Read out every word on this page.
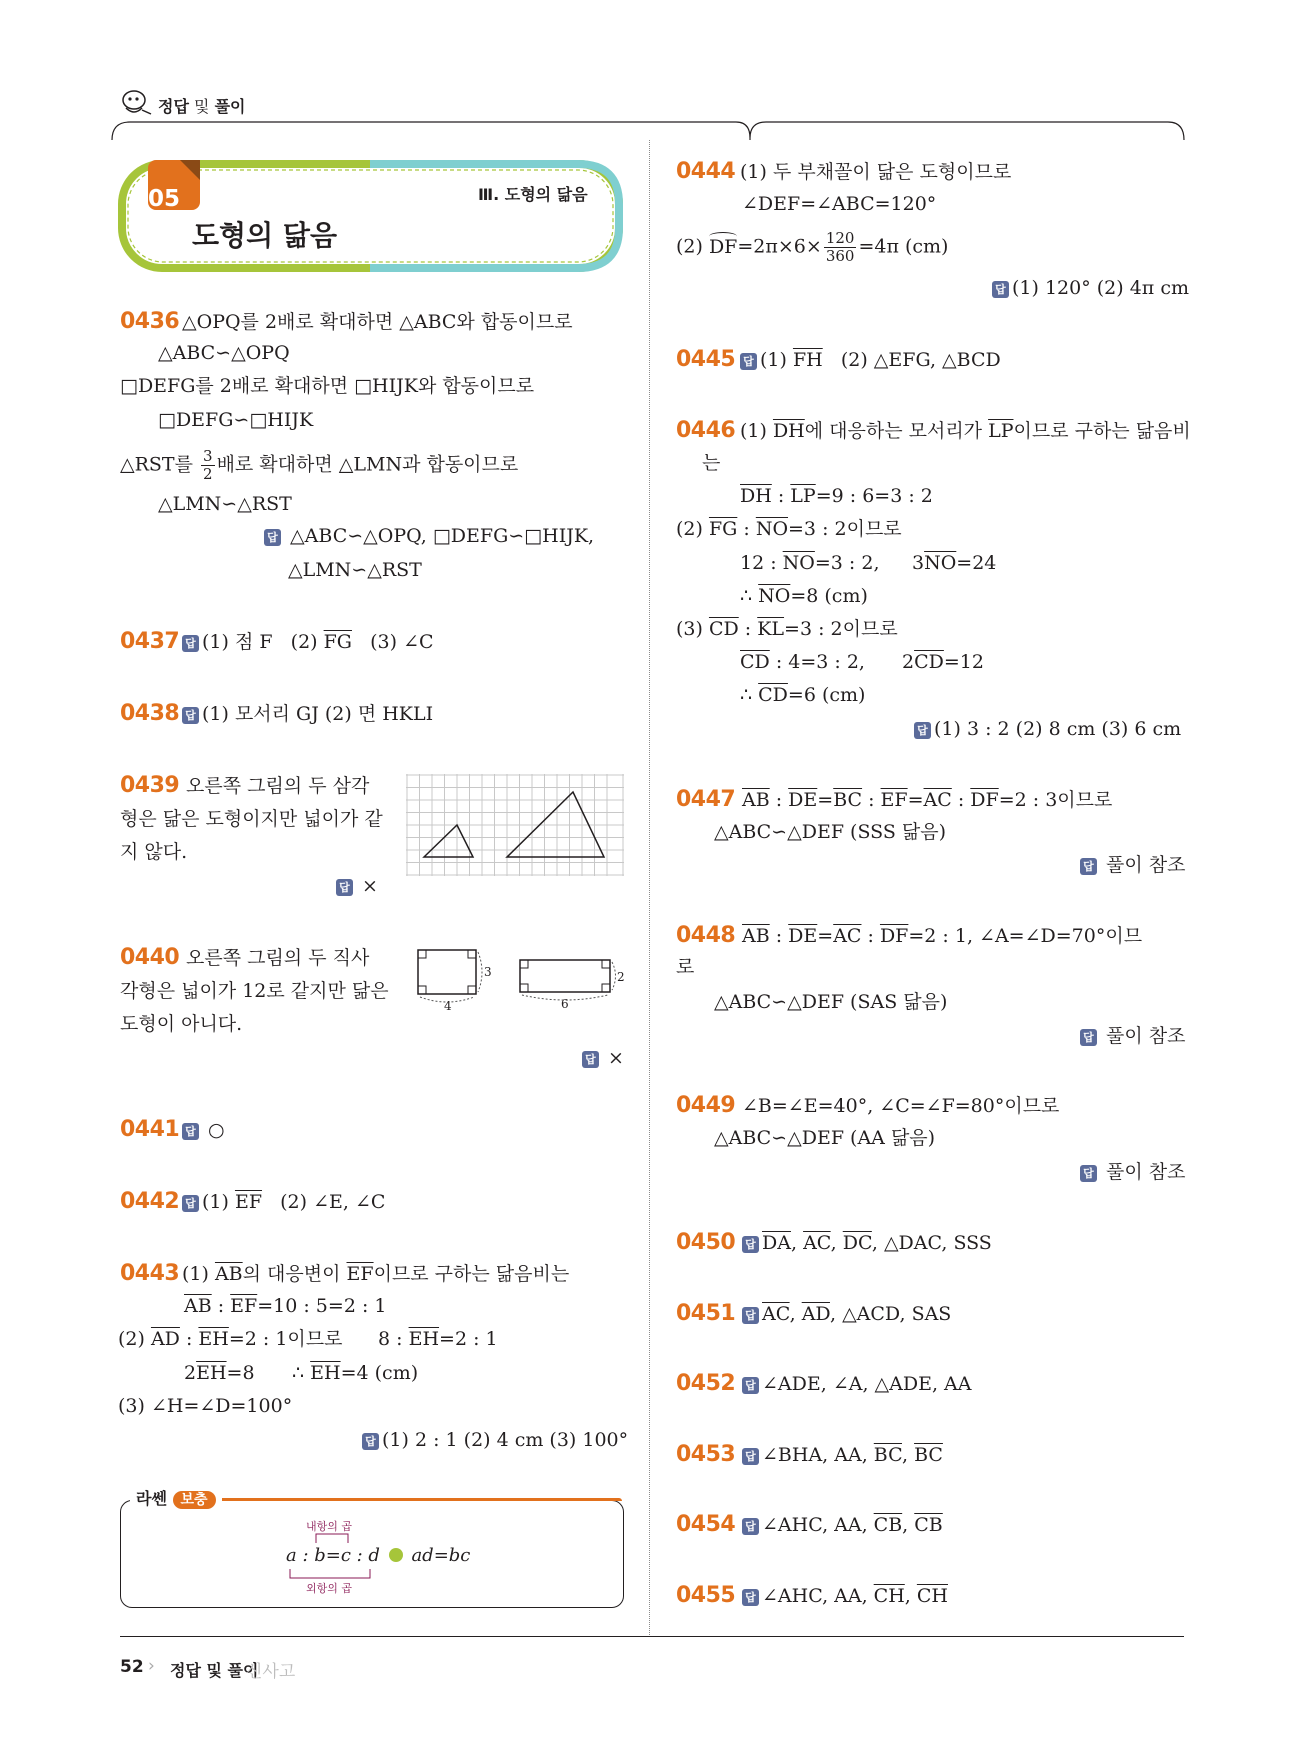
정답 및 풀이
05
도형의 닮음
Ⅲ. 도형의 닮음
0436 △OPQ를 2배로 확대하면 △ABC와 합동이므로
△ABC∽△OPQ
□DEFG를 2배로 확대하면 □HIJK와 합동이므로
□DEFG∽□HIJK
△RST를 $\frac{3}{2}$ 배로 확대하면 △LMN과 합동이므로
△LMN∽△RST
답 △ABC∽△OPQ, □DEFG∽□HIJK,
△LMN∽△RST
0437 답 (1) 점 F (2) $\overline{FG}$ (3) ∠C
0438 답 (1) 모서리 GJ (2) 면 HKLI
0439 오른쪽 그림의 두 삼각
형은 닮은 도형이지만 넓이가 같
지 않다.
답 ×
0440 오른쪽 그림의 두 직사
각형은 넓이가 12로 같지만 닮은
도형이 아니다.
답 ×
3
4
2
6
0441 답 ○
0442 답 (1) $\overline{EF}$ (2) ∠E, ∠C
0443 (1) $\overline{AB}$의 대응변이 $\overline{EF}$이므로 구하는 닮음비는
$\overline{AB}$ : $\overline{EF}=10$ : 5=2 : 1
(2) $\overline{AD}$ : $\overline{EH}=2$ : 1이므로 8 : $\overline{EH}=2$ : 1
$2\overline{EH}=8$ ∴ $\overline{EH}=4$ (cm)
(3) ∠H=∠D=100°
답 (1) 2 : 1 (2) 4 cm (3) 100°
라쎈 보충
내항의 곱
a : b=c : d ad=bc
외항의 곱
0444 (1) 두 부채꼴이 닮은 도형이므로
∠DEF=∠ABC=120°
(2) $DF=2\pi\times 6\times \frac{120}{360} =4\pi$ (cm)
답 (1) 120° (2) 4π cm
0445 답 (1) $\overline{FH}$ (2) △EFG, △BCD
0446 (1) $\overline{DH}$에 대응하는 모서리가 $\overline{LP}$이므로 구하는 닮음비
는
$\overline{DH}$ : $\overline{LP}=9$ : 6=3 : 2
(2) $\overline{FG}$ : $\overline{NO}=3$ : 2이므로
12 : $\overline{NO}=3$ : 2, $3\overline{NO}=24$
∴ $\overline{NO}=8$ (cm)
(3) $\overline{CD}$ : $\overline{KL}=3$ : 2이므로
$\overline{CD}$ : 4=3 : 2, $2\overline{CD}=12$
∴ $\overline{CD}=6$ (cm)
답 (1) 3 : 2 (2) 8 cm (3) 6 cm
0447 $\overline{AB}$ : $\overline{DE}=\overline{BC}$ : $\overline{EF}=\overline{AC}$ : $\overline{DF}=2$ : 3이므로
△ABC∽△DEF (SSS 닮음)
답 풀이 참조
0448 $\overline{AB}$ : $\overline{DE}=\overline{AC}$ : $\overline{DF}=2$ : 1, ∠A=∠D=70°이므
로
△ABC∽△DEF (SAS 닮음)
답 풀이 참조
0449 ∠B=∠E=40°, ∠C=∠F=80°이므로
△ABC∽△DEF (AA 닮음)
답 풀이 참조
0450 답 $\overline{DA}$, $\overline{AC}$, $\overline{DC}$, △DAC, SSS
0451 답 $\overline{AC}$, $\overline{AD}$, △ACD, SAS
0452 답 ∠ADE, ∠A, △ADE, AA
0453 답 ∠BHA, AA, $\overline{BC}$, $\overline{BC}$
0454 답 ∠AHC, AA, $\overline{CB}$, $\overline{CB}$
0455 답 ∠AHC, AA, $\overline{CH}$, $\overline{CH}$
52 › 정답 및 풀이
신사고
